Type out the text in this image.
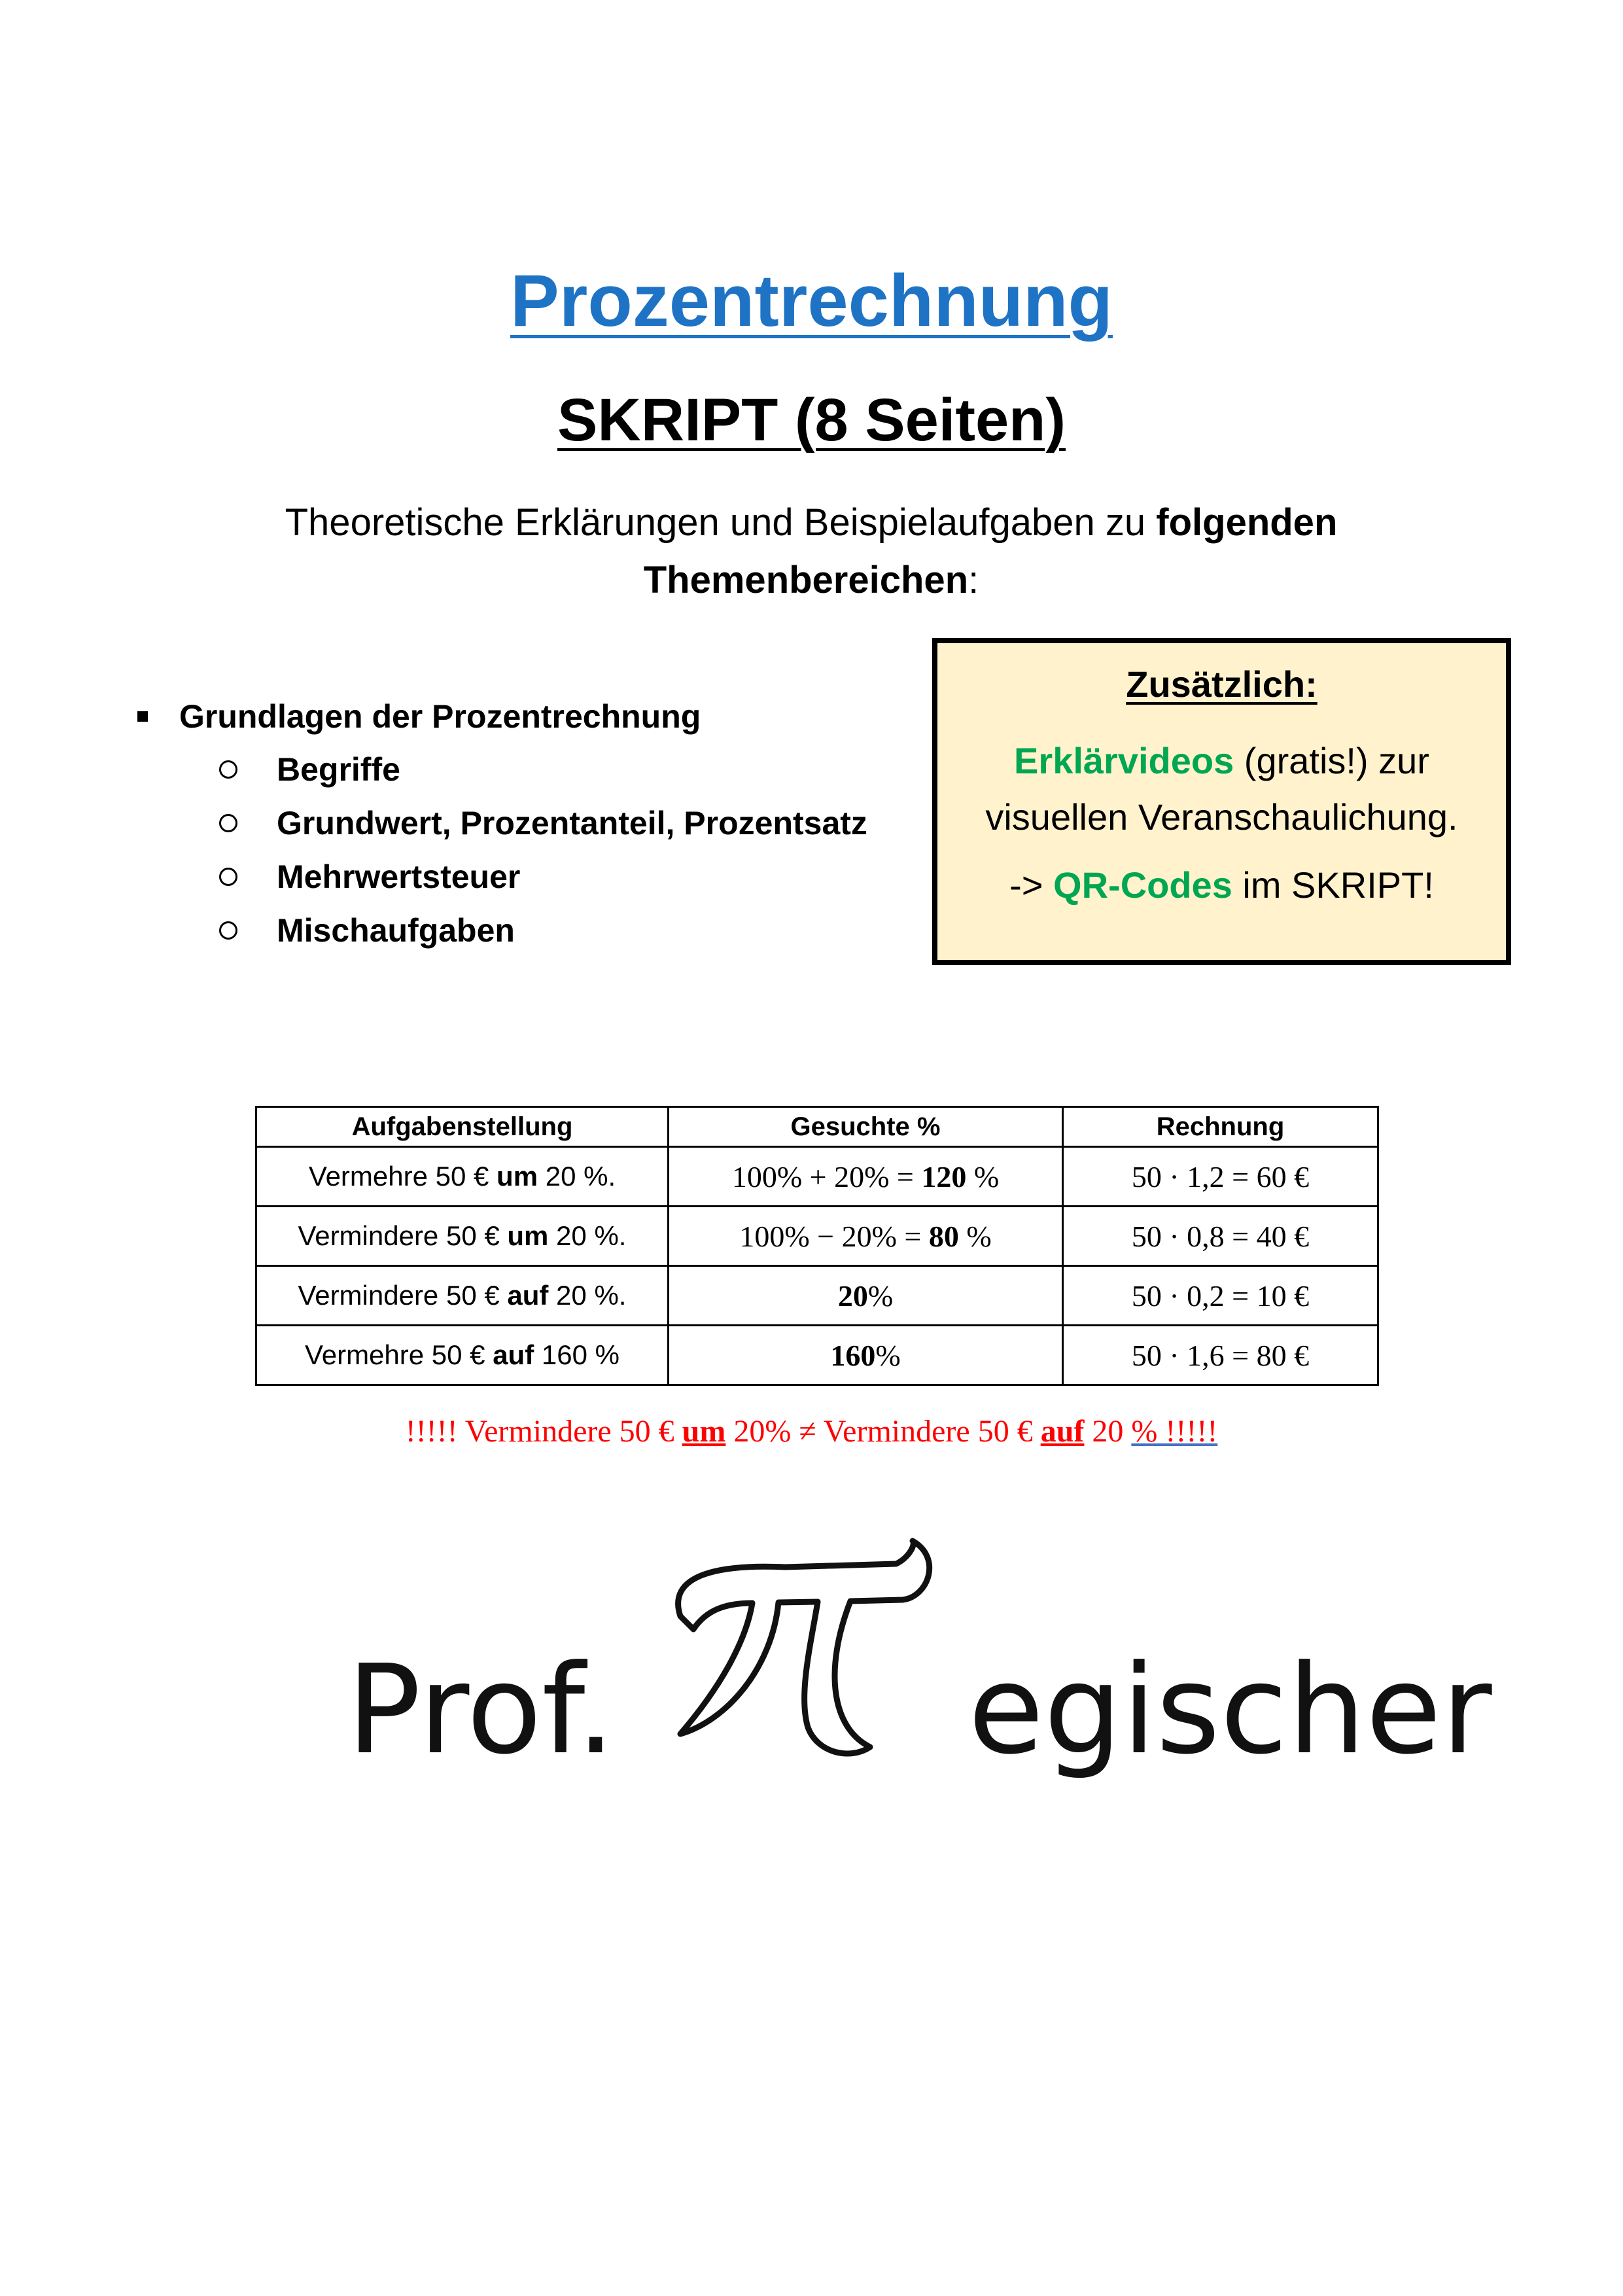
Prozentrechnung
SKRIPT (8 Seiten)

Theoretische Erklärungen und Beispielaufgaben zu folgenden Themenbereichen:

Grundlagen der Prozentrechnung
Begriffe
Grundwert, Prozentanteil, Prozentsatz
Mehrwertsteuer
Mischaufgaben
Zusätzlich:
Erklärvideos (gratis!) zur
visuellen Veranschaulichung.
-> QR-Codes im SKRIPT!
Aufgabenstellung	Gesuchte %	Rechnung
Vermehre 50 € um 20 %.	100% + 20% = 120 %	50 · 1,2 = 60 €
Vermindere 50 € um 20 %.	100% − 20% = 80 %	50 · 0,8 = 40 €
Vermindere 50 € auf 20 %.	20%	50 · 0,2 = 10 €
Vermehre 50 € auf 160 %	160%	50 · 1,6 = 80 €

!!!!! Vermindere 50 € um 20% ≠ Vermindere 50 € auf 20 % !!!!!

Prof.	egischer
